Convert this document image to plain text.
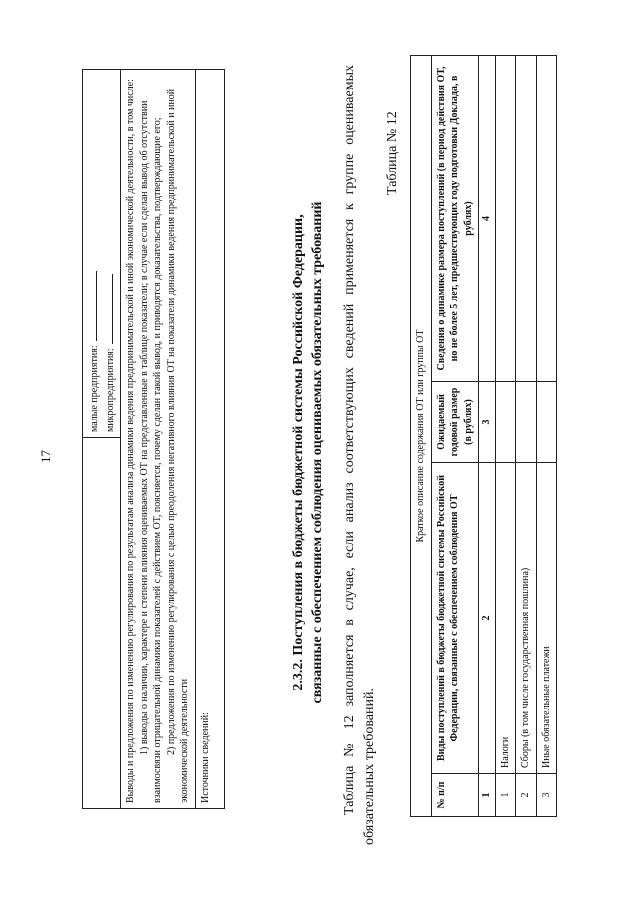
17

малые предприятия: микропредприятия:

Выводы и предложения по изменению регулирования по результатам анализа динамики ведения предпринимательской и иной экономической деятельности, в том числе: 1) выводы о наличии, характере и степени влияния оцениваемых ОТ на представленные в таблице показатели; в случае если сделан вывод об отсутствии взаимосвязи отрицательной динамики показателей с действием ОТ, поясняется, почему сделан такой вывод, и приводятся доказательства, подтверждающие его; 2) предложения по изменению регулирования с целью преодоления негативного влияния ОТ на показатели динамики ведения предпринимательской и иной экономической деятельности

Источники сведений:
2.3.2. Поступления в бюджеты бюджетной системы Российской Федерации, связанные с обеспечением соблюдения оцениваемых обязательных требований Таблица № 12 заполняется в случае, если анализ соответствующих сведений применяется к группе оцениваемых обязательных требований.
Таблица № 12
Краткое описание содержания ОТ или группы ОТ			
№ п/п	Виды поступлений в бюджеты бюджетной системы Российской Федерации, связанные с обеспечением соблюдения ОТ	Ожидаемый годовой размер (в рублях)	Сведения о динамике размера поступлений (в период действия ОТ, но не более 5 лет, предшествующих году подготовки Доклада, в рублях)
1	2	3	4
1	Налоги		
2	Сборы (в том числе государственная пошлина)		
3	Иные обязательные платежи		
